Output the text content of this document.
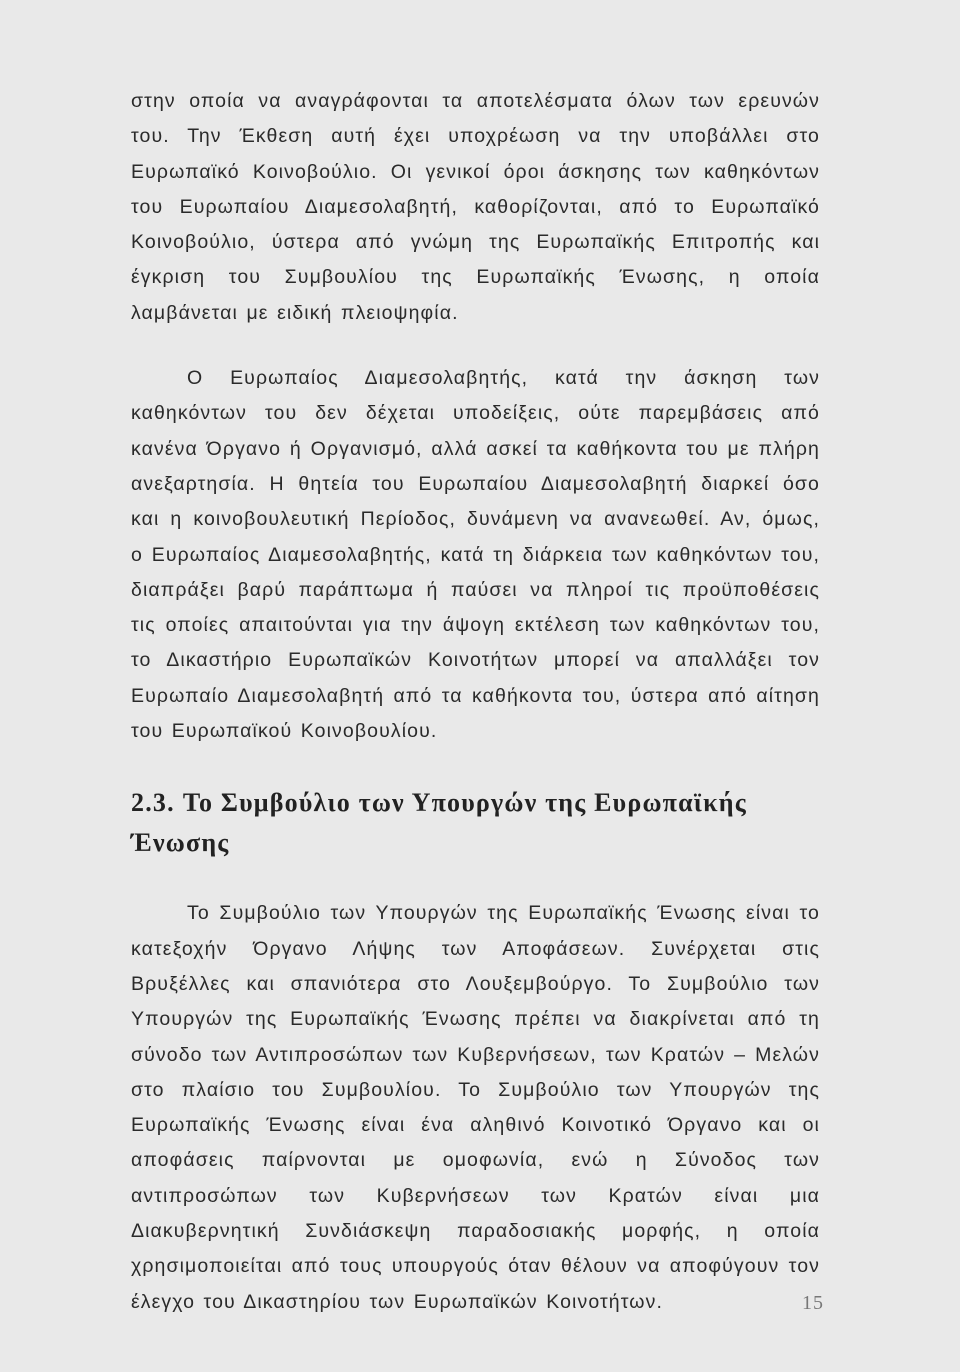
στην οποία να αναγράφονται τα αποτελέσματα όλων των ερευνών του. Την Έκθεση αυτή έχει υποχρέωση να την υποβάλλει στο Ευρωπαϊκό Κοινοβούλιο. Οι γενικοί όροι άσκησης των καθηκόντων του Ευρωπαίου Διαμεσολαβητή, καθορίζονται, από το Ευρωπαϊκό Κοινοβούλιο, ύστερα από γνώμη της Ευρωπαϊκής Επιτροπής και έγκριση του Συμβουλίου της Ευρωπαϊκής Ένωσης, η οποία λαμβάνεται με ειδική πλειοψηφία.

Ο Ευρωπαίος Διαμεσολαβητής, κατά την άσκηση των καθηκόντων του δεν δέχεται υποδείξεις, ούτε παρεμβάσεις από κανένα Όργανο ή Οργανισμό, αλλά ασκεί τα καθήκοντα του με πλήρη ανεξαρτησία. Η θητεία του Ευρωπαίου Διαμεσολαβητή διαρκεί όσο και η κοινοβουλευτική Περίοδος, δυνάμενη να ανανεωθεί. Αν, όμως, ο Ευρωπαίος Διαμεσολαβητής, κατά τη διάρκεια των καθηκόντων του, διαπράξει βαρύ παράπτωμα ή παύσει να πληροί τις προϋποθέσεις τις οποίες απαιτούνται για την άψογη εκτέλεση των καθηκόντων του, το Δικαστήριο Ευρωπαϊκών Κοινοτήτων μπορεί να απαλλάξει τον Ευρωπαίο Διαμεσολαβητή από τα καθήκοντα του, ύστερα από αίτηση του Ευρωπαϊκού Κοινοβουλίου.

2.3. Το Συμβούλιο των Υπουργών της Ευρωπαϊκής Ένωσης

Το Συμβούλιο των Υπουργών της Ευρωπαϊκής Ένωσης είναι το κατεξοχήν Όργανο Λήψης των Αποφάσεων. Συνέρχεται στις Βρυξέλλες και σπανιότερα στο Λουξεμβούργο. Το Συμβούλιο των Υπουργών της Ευρωπαϊκής Ένωσης πρέπει να διακρίνεται από τη σύνοδο των Αντιπροσώπων των Κυβερνήσεων, των Κρατών – Μελών στο πλαίσιο του Συμβουλίου. Το Συμβούλιο των Υπουργών της Ευρωπαϊκής Ένωσης είναι ένα αληθινό Κοινοτικό Όργανο και οι αποφάσεις παίρνονται με ομοφωνία, ενώ η Σύνοδος των αντιπροσώπων των Κυβερνήσεων των Κρατών είναι μια Διακυβερνητική Συνδιάσκεψη παραδοσιακής μορφής, η οποία χρησιμοποιείται από τους υπουργούς όταν θέλουν να αποφύγουν τον έλεγχο του Δικαστηρίου των Ευρωπαϊκών Κοινοτήτων.	15
